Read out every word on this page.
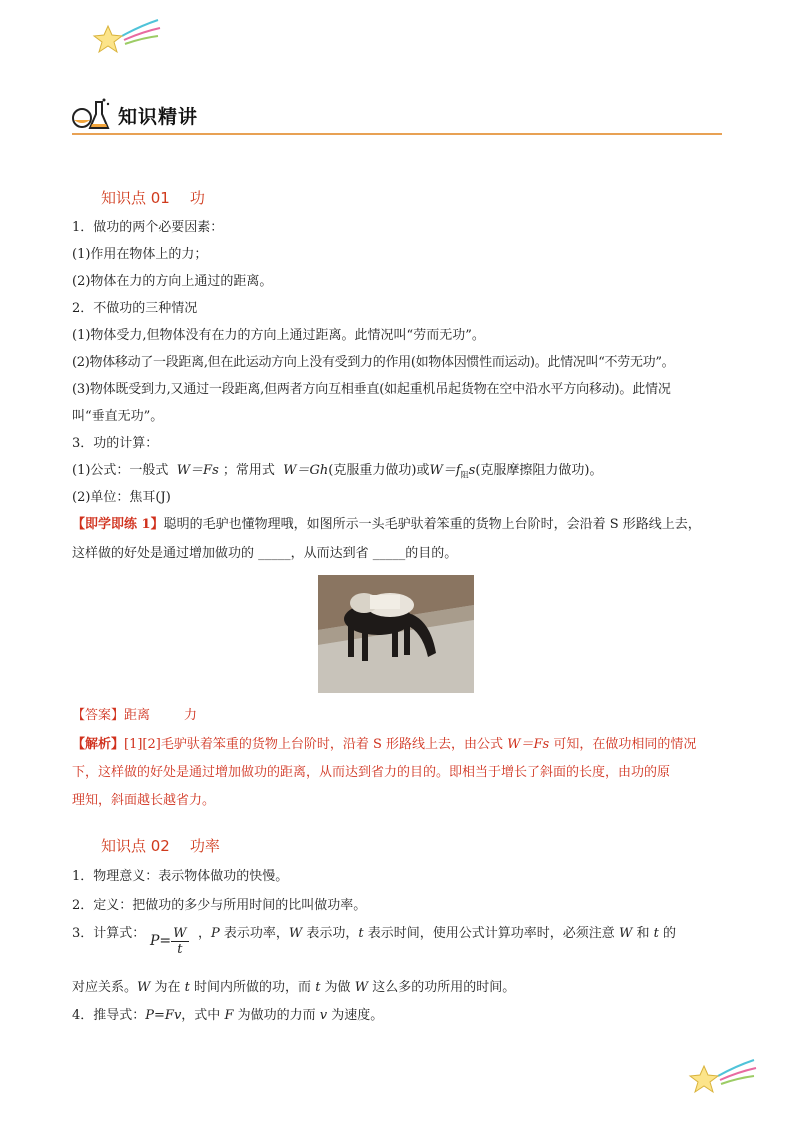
知识精讲
知识点 01 功
1．做功的两个必要因素：
(1)作用在物体上的力；
(2)物体在力的方向上通过的距离。
2．不做功的三种情况
(1)物体受力,但物体没有在力的方向上通过距离。此情况叫“劳而无功”。
(2)物体移动了一段距离,但在此运动方向上没有受到力的作用(如物体因惯性而运动)。此情况叫“不劳无功”。
(3)物体既受到力,又通过一段距离,但两者方向互相垂直(如起重机吊起货物在空中沿水平方向移动)。此情况
叫“垂直无功”。
3．功的计算：
(1)公式：一般式 W＝Fs ；常用式 W＝Gh(克服重力做功)或$W=f_阻s$(克服摩擦阻力做功)。
(2)单位：焦耳(J)
【即学即练 1】聪明的毛驴也懂物理哦，如图所示一头毛驴驮着笨重的货物上台阶时，会沿着 S 形路线上去，
这样做的好处是通过增加做功的 _____，从而达到省 _____的目的。
【答案】距离	力
【解析】[1][2]毛驴驮着笨重的货物上台阶时，沿着 S 形路线上去，由公式 W＝Fs 可知，在做功相同的情况
下，这样做的好处是通过增加做功的距离，从而达到省力的目的。即相当于增长了斜面的长度，由功的原
理知，斜面越长越省力。
知识点 02 功率
1．物理意义：表示物体做功的快慢。
2．定义：把做功的多少与所用时间的比叫做功率。
3．计算式： $P= \frac{W}{t}$ ，P 表示功率，W 表示功，t 表示时间，使用公式计算功率时，必须注意 W 和 t 的
对应关系。W 为在 t 时间内所做的功，而 t 为做 W 这么多的功所用的时间。
4．推导式：P=Fv，式中 F 为做功的力而 v 为速度。
